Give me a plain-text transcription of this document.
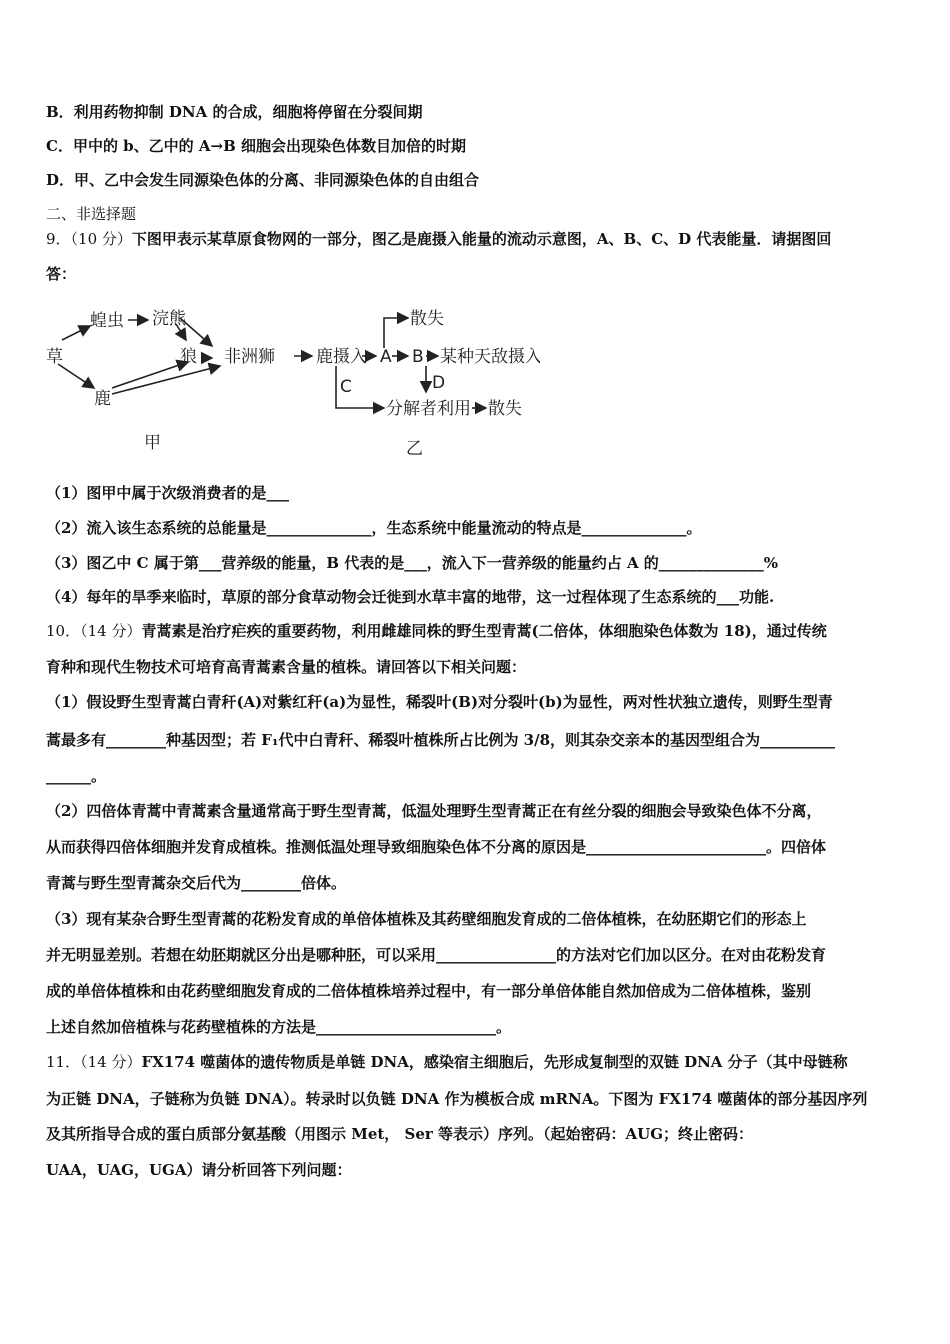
B．利用药物抑制 DNA 的合成，细胞将停留在分裂间期
C．甲中的 b、乙中的 A→B 细胞会出现染色体数目加倍的时期
D．甲、乙中会发生同源染色体的分离、非同源染色体的自由组合
二、非选择题
9．（10 分）下图甲表示某草原食物网的一部分，图乙是鹿摄入能量的流动示意图，A、B、C、D 代表能量．请据图回
答：
草
蝗虫 浣熊
狼 非洲狮
鹿
甲
鹿摄入 A B 某种天敌摄入
散失
C	D
分解者利用 散失
乙
（1）图甲中属于次级消费者的是___
（2）流入该生态系统的总能量是______________，生态系统中能量流动的特点是______________。
（3）图乙中 C 属于第___营养级的能量，B 代表的是___，流入下一营养级的能量约占 A 的______________%
（4）每年的旱季来临时，草原的部分食草动物会迁徙到水草丰富的地带，这一过程体现了生态系统的___功能.
10．（14 分）青蒿素是治疗疟疾的重要药物，利用雌雄同株的野生型青蒿(二倍体，体细胞染色体数为 18)，通过传统
育种和现代生物技术可培育高青蒿素含量的植株。请回答以下相关问题：
（1）假设野生型青蒿白青秆(A)对紫红秆(a)为显性，稀裂叶(B)对分裂叶(b)为显性，两对性状独立遗传，则野生型青
蒿最多有________种基因型；若 F₁代中白青秆、稀裂叶植株所占比例为 3/8，则其杂交亲本的基因型组合为__________
______。
（2）四倍体青蒿中青蒿素含量通常高于野生型青蒿，低温处理野生型青蒿正在有丝分裂的细胞会导致染色体不分离，
从而获得四倍体细胞并发育成植株。推测低温处理导致细胞染色体不分离的原因是________________________。四倍体
青蒿与野生型青蒿杂交后代为________倍体。
（3）现有某杂合野生型青蒿的花粉发育成的单倍体植株及其药壁细胞发育成的二倍体植株，在幼胚期它们的形态上
并无明显差别。若想在幼胚期就区分出是哪种胚，可以采用________________的方法对它们加以区分。在对由花粉发育
成的单倍体植株和由花药壁细胞发育成的二倍体植株培养过程中，有一部分单倍体能自然加倍成为二倍体植株，鉴别
上述自然加倍植株与花药壁植株的方法是________________________。
11．（14 分）FX174 噬菌体的遗传物质是单链 DNA，感染宿主细胞后，先形成复制型的双链 DNA 分子（其中母链称
为正链 DNA，子链称为负链 DNA）。转录时以负链 DNA 作为模板合成 mRNA。下图为 FX174 噬菌体的部分基因序列
及其所指导合成的蛋白质部分氨基酸（用图示 Met， Ser 等表示）序列。（起始密码：AUG；终止密码：
UAA，UAG，UGA）请分析回答下列问题：
